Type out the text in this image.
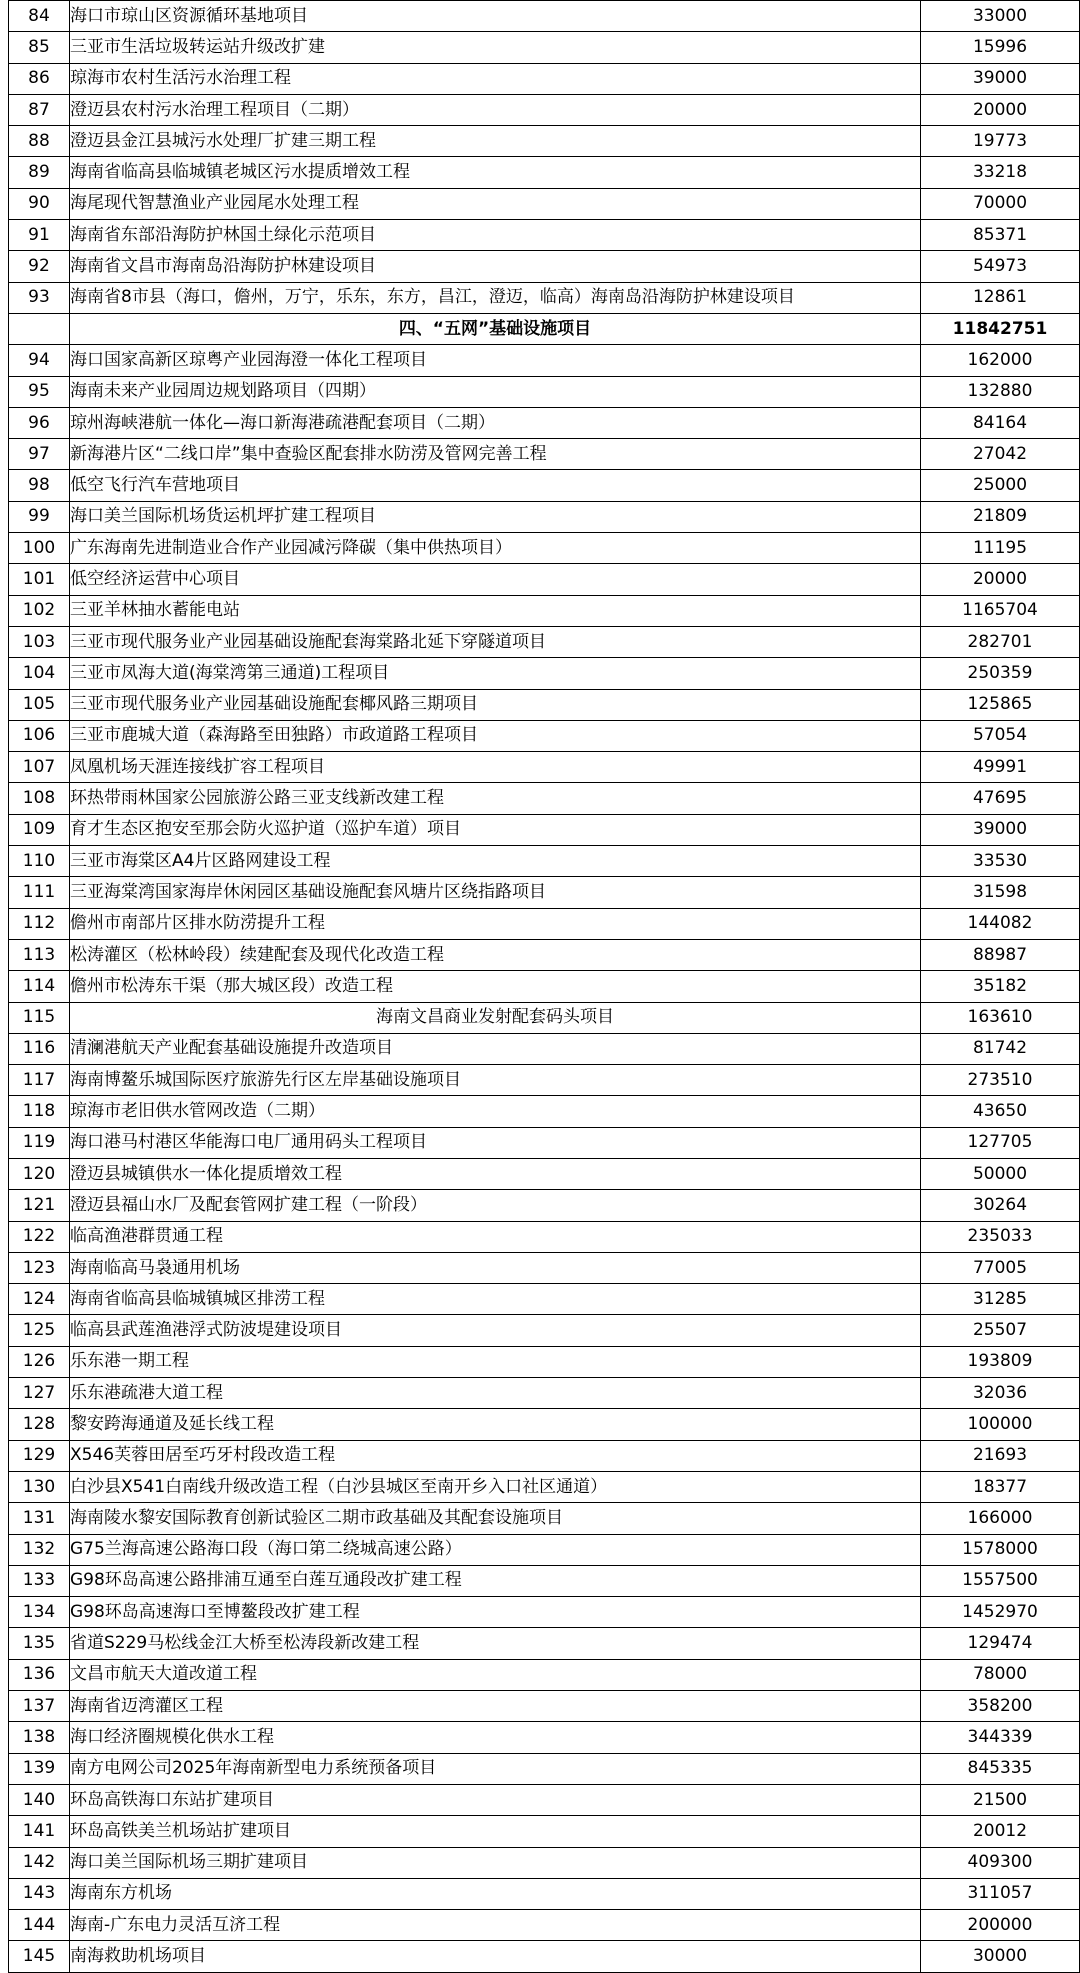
84	海口市琼山区资源循环基地项目	33000
85	三亚市生活垃圾转运站升级改扩建	15996
86	琼海市农村生活污水治理工程	39000
87	澄迈县农村污水治理工程项目（二期）	20000
88	澄迈县金江县城污水处理厂扩建三期工程	19773
89	海南省临高县临城镇老城区污水提质增效工程	33218
90	海尾现代智慧渔业产业园尾水处理工程	70000
91	海南省东部沿海防护林国土绿化示范项目	85371
92	海南省文昌市海南岛沿海防护林建设项目	54973
93	海南省8市县（海口，儋州，万宁，乐东，东方，昌江，澄迈，临高）海南岛沿海防护林建设项目	12861
	四、“五网”基础设施项目	11842751
94	海口国家高新区琼粤产业园海澄一体化工程项目	162000
95	海南未来产业园周边规划路项目（四期）	132880
96	琼州海峡港航一体化—海口新海港疏港配套项目（二期）	84164
97	新海港片区“二线口岸”集中查验区配套排水防涝及管网完善工程	27042
98	低空飞行汽车营地项目	25000
99	海口美兰国际机场货运机坪扩建工程项目	21809
100	广东海南先进制造业合作产业园减污降碳（集中供热项目）	11195
101	低空经济运营中心项目	20000
102	三亚羊林抽水蓄能电站	1165704
103	三亚市现代服务业产业园基础设施配套海棠路北延下穿隧道项目	282701
104	三亚市凤海大道(海棠湾第三通道)工程项目	250359
105	三亚市现代服务业产业园基础设施配套椰风路三期项目	125865
106	三亚市鹿城大道（森海路至田独路）市政道路工程项目	57054
107	凤凰机场天涯连接线扩容工程项目	49991
108	环热带雨林国家公园旅游公路三亚支线新改建工程	47695
109	育才生态区抱安至那会防火巡护道（巡护车道）项目	39000
110	三亚市海棠区A4片区路网建设工程	33530
111	三亚海棠湾国家海岸休闲园区基础设施配套风塘片区绕指路项目	31598
112	儋州市南部片区排水防涝提升工程	144082
113	松涛灌区（松林岭段）续建配套及现代化改造工程	88987
114	儋州市松涛东干渠（那大城区段）改造工程	35182
115	海南文昌商业发射配套码头项目	163610
116	清澜港航天产业配套基础设施提升改造项目	81742
117	海南博鳌乐城国际医疗旅游先行区左岸基础设施项目	273510
118	琼海市老旧供水管网改造（二期）	43650
119	海口港马村港区华能海口电厂通用码头工程项目	127705
120	澄迈县城镇供水一体化提质增效工程	50000
121	澄迈县福山水厂及配套管网扩建工程（一阶段）	30264
122	临高渔港群贯通工程	235033
123	海南临高马袅通用机场	77005
124	海南省临高县临城镇城区排涝工程	31285
125	临高县武莲渔港浮式防波堤建设项目	25507
126	乐东港一期工程	193809
127	乐东港疏港大道工程	32036
128	黎安跨海通道及延长线工程	100000
129	X546芙蓉田居至巧牙村段改造工程	21693
130	白沙县X541白南线升级改造工程（白沙县城区至南开乡入口社区通道）	18377
131	海南陵水黎安国际教育创新试验区二期市政基础及其配套设施项目	166000
132	G75兰海高速公路海口段（海口第二绕城高速公路）	1578000
133	G98环岛高速公路排浦互通至白莲互通段改扩建工程	1557500
134	G98环岛高速海口至博鳌段改扩建工程	1452970
135	省道S229马松线金江大桥至松涛段新改建工程	129474
136	文昌市航天大道改道工程	78000
137	海南省迈湾灌区工程	358200
138	海口经济圈规模化供水工程	344339
139	南方电网公司2025年海南新型电力系统预备项目	845335
140	环岛高铁海口东站扩建项目	21500
141	环岛高铁美兰机场站扩建项目	20012
142	海口美兰国际机场三期扩建项目	409300
143	海南东方机场	311057
144	海南-广东电力灵活互济工程	200000
145	南海救助机场项目	30000
